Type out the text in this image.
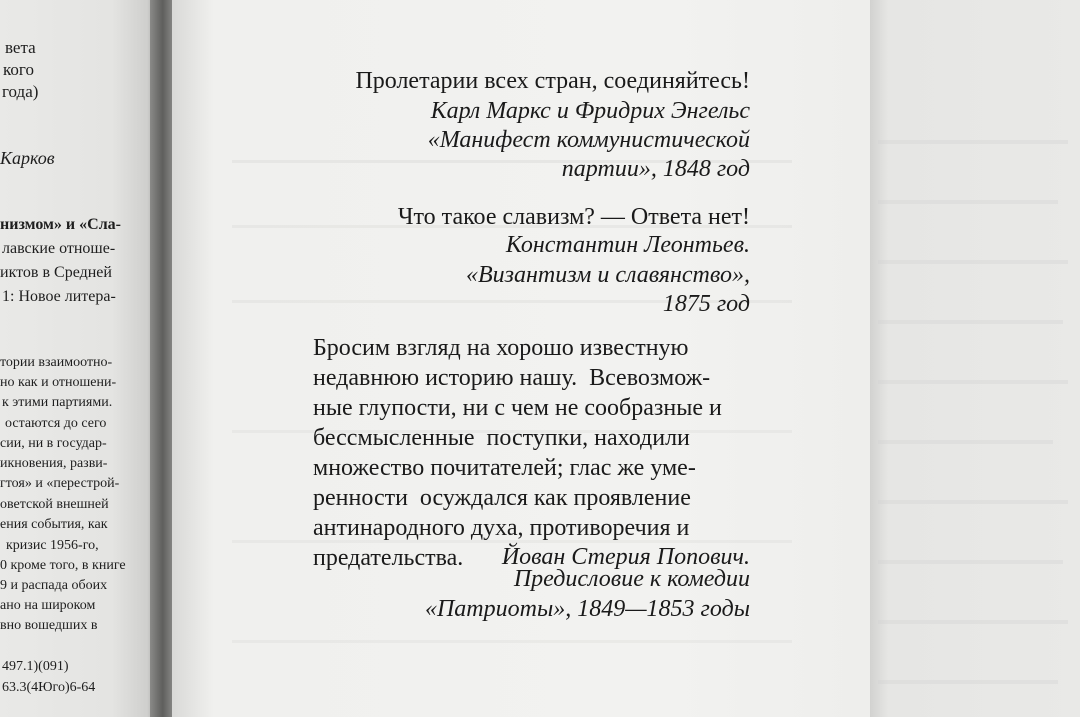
вета
кого
года)
Карков
низмом» и «Сла-
лавские отноше-
иктов в Средней
1: Новое литера-
тории взаимоотно-
но как и отношени-
к этими партиями.
остаются до сего
сии, ни в государ-
икновения, разви-
гтоя» и «перестрой-
оветской внешней
ения события, как
кризис 1956-го,
0 кроме того, в книге
9 и распада обоих
ано на широком
вно вошедших в
497.1)(091)
63.3(4Юго)6-64
Пролетарии всех стран, соединяйтесь!
Карл Маркс и Фридрих Энгельс
«Манифест коммунистической
партии», 1848 год
Что такое славизм? — Ответа нет!
Константин Леонтьев.
«Византизм и славянство»,
1875 год
Бросим взгляд на хорошо известную
недавнюю историю нашу.  Всевозмож-
ные глупости, ни с чем не сообразные и
бессмысленные  поступки, находили
множество почитателей; глас же уме-
ренности  осуждался как проявление
антинародного духа, противоречия и
предательства.	Йован Стерия Попович.
Предисловие к комедии
«Патриоты», 1849—1853 годы
